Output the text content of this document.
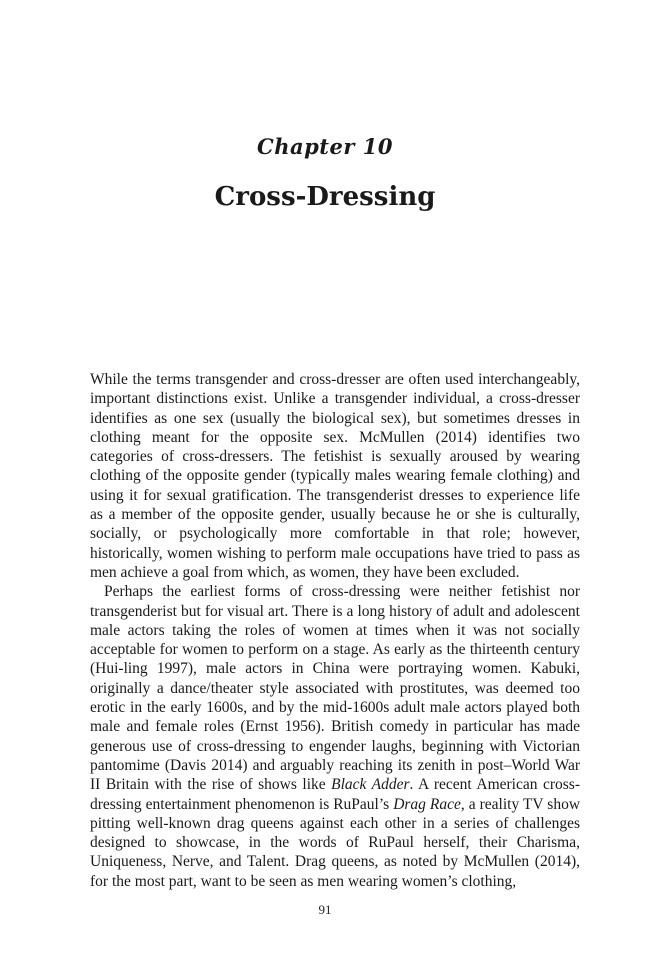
Chapter 10
Cross-Dressing

While the terms transgender and cross-dresser are often used interchangeably, important distinctions exist. Unlike a transgender individual, a cross-dresser identifies as one sex (usually the biological sex), but sometimes dresses in clothing meant for the opposite sex. McMullen (2014) identifies two categories of cross-dressers. The fetishist is sexually aroused by wearing clothing of the opposite gender (typically males wearing female clothing) and using it for sexual gratification. The transgenderist dresses to experience life as a member of the opposite gender, usually because he or she is culturally, socially, or psychologically more comfortable in that role; however, historically, women wishing to perform male occupations have tried to pass as men achieve a goal from which, as women, they have been excluded.

Perhaps the earliest forms of cross-dressing were neither fetishist nor transgenderist but for visual art. There is a long history of adult and adolescent male actors taking the roles of women at times when it was not socially acceptable for women to perform on a stage. As early as the thirteenth century (Hui-ling 1997), male actors in China were portraying women. Kabuki, originally a dance/theater style associated with prostitutes, was deemed too erotic in the early 1600s, and by the mid-1600s adult male actors played both male and female roles (Ernst 1956). British comedy in particular has made generous use of cross-dressing to engender laughs, beginning with Victorian pantomime (Davis 2014) and arguably reaching its zenith in post–World War II Britain with the rise of shows like Black Adder. A recent American cross-dressing entertainment phenomenon is RuPaul’s Drag Race, a reality TV show pitting well-known drag queens against each other in a series of challenges designed to showcase, in the words of RuPaul herself, their Charisma, Uniqueness, Nerve, and Talent. Drag queens, as noted by McMullen (2014), for the most part, want to be seen as men wearing women’s clothing,

91
